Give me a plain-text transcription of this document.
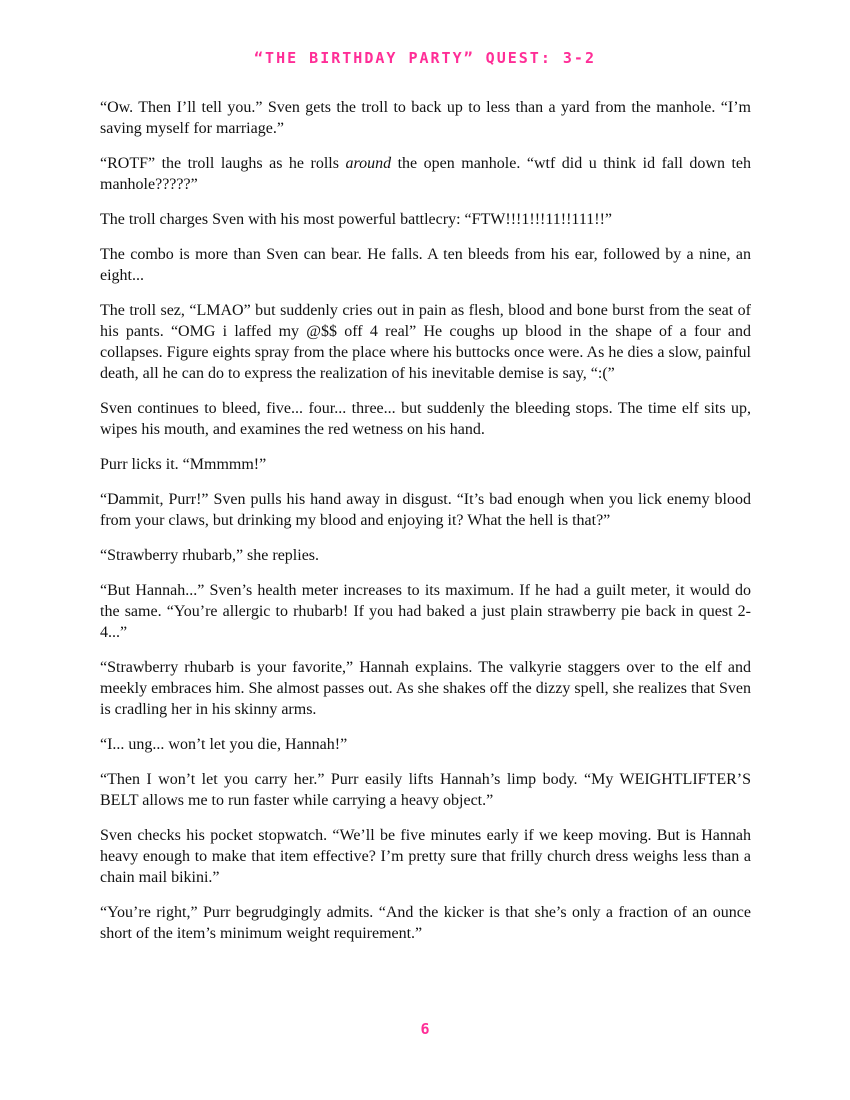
“THE BIRTHDAY PARTY” QUEST: 3-2

“Ow. Then I’ll tell you.” Sven gets the troll to back up to less than a yard from the manhole. “I’m saving myself for marriage.”

“ROTF” the troll laughs as he rolls around the open manhole. “wtf did u think id fall down teh manhole?????”

The troll charges Sven with his most powerful battlecry: “FTW!!!1!!!11!!111!!”

The combo is more than Sven can bear. He falls. A ten bleeds from his ear, followed by a nine, an eight...

The troll sez, “LMAO” but suddenly cries out in pain as flesh, blood and bone burst from the seat of his pants. “OMG i laffed my @$$ off 4 real” He coughs up blood in the shape of a four and collapses. Figure eights spray from the place where his buttocks once were. As he dies a slow, painful death, all he can do to express the realization of his inevitable demise is say, “:(”

Sven continues to bleed, five... four... three... but suddenly the bleeding stops. The time elf sits up, wipes his mouth, and examines the red wetness on his hand.

Purr licks it. “Mmmmm!”

“Dammit, Purr!” Sven pulls his hand away in disgust. “It’s bad enough when you lick enemy blood from your claws, but drinking my blood and enjoying it? What the hell is that?”

“Strawberry rhubarb,” she replies.

“But Hannah...” Sven’s health meter increases to its maximum. If he had a guilt meter, it would do the same. “You’re allergic to rhubarb! If you had baked a just plain strawberry pie back in quest 2-4...”

“Strawberry rhubarb is your favorite,” Hannah explains. The valkyrie staggers over to the elf and meekly embraces him. She almost passes out. As she shakes off the dizzy spell, she realizes that Sven is cradling her in his skinny arms.

“I... ung... won’t let you die, Hannah!”

“Then I won’t let you carry her.” Purr easily lifts Hannah’s limp body. “My WEIGHTLIFTER’S BELT allows me to run faster while carrying a heavy object.”

Sven checks his pocket stopwatch. “We’ll be five minutes early if we keep moving. But is Hannah heavy enough to make that item effective? I’m pretty sure that frilly church dress weighs less than a chain mail bikini.”

“You’re right,” Purr begrudgingly admits. “And the kicker is that she’s only a fraction of an ounce short of the item’s minimum weight requirement.”

6
